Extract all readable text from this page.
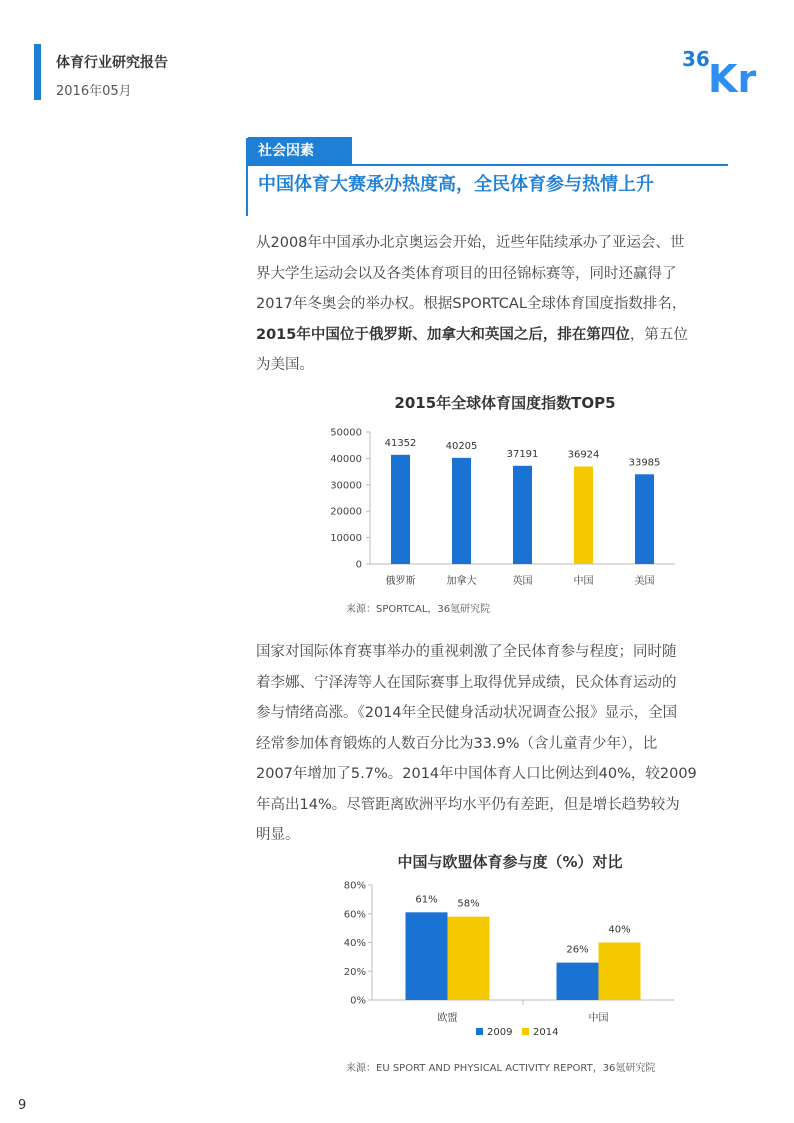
体育行业研究报告
2016年05月
36
Kr
社会因素
中国体育大赛承办热度高，全民体育参与热情上升
从2008年中国承办北京奥运会开始，近些年陆续承办了亚运会、世
界大学生运动会以及各类体育项目的田径锦标赛等，同时还赢得了
2017年冬奥会的举办权。根据SPORTCAL全球体育国度指数排名，
2015年中国位于俄罗斯、加拿大和英国之后，排在第四位，第五位
为美国。
2015年全球体育国度指数TOP5
0
10000
20000
30000
40000
50000
41352
俄罗斯
40205
加拿大
37191
英国
36924
中国
33985
美国
来源：SPORTCAL，36氪研究院
国家对国际体育赛事举办的重视刺激了全民体育参与程度；同时随
着李娜、宁泽涛等人在国际赛事上取得优异成绩，民众体育运动的
参与情绪高涨。《2014年全民健身活动状况调查公报》显示，全国
经常参加体育锻炼的人数百分比为33.9%（含儿童青少年），比
2007年增加了5.7%。2014年中国体育人口比例达到40%，较2009
年高出14%。尽管距离欧洲平均水平仍有差距，但是增长趋势较为
明显。
中国与欧盟体育参与度（%）对比
0%
20%
40%
60%
80%
61% 58%
欧盟
26%
40%
中国
2009 2014
来源：EU SPORT AND PHYSICAL ACTIVITY REPORT，36氪研究院
9
